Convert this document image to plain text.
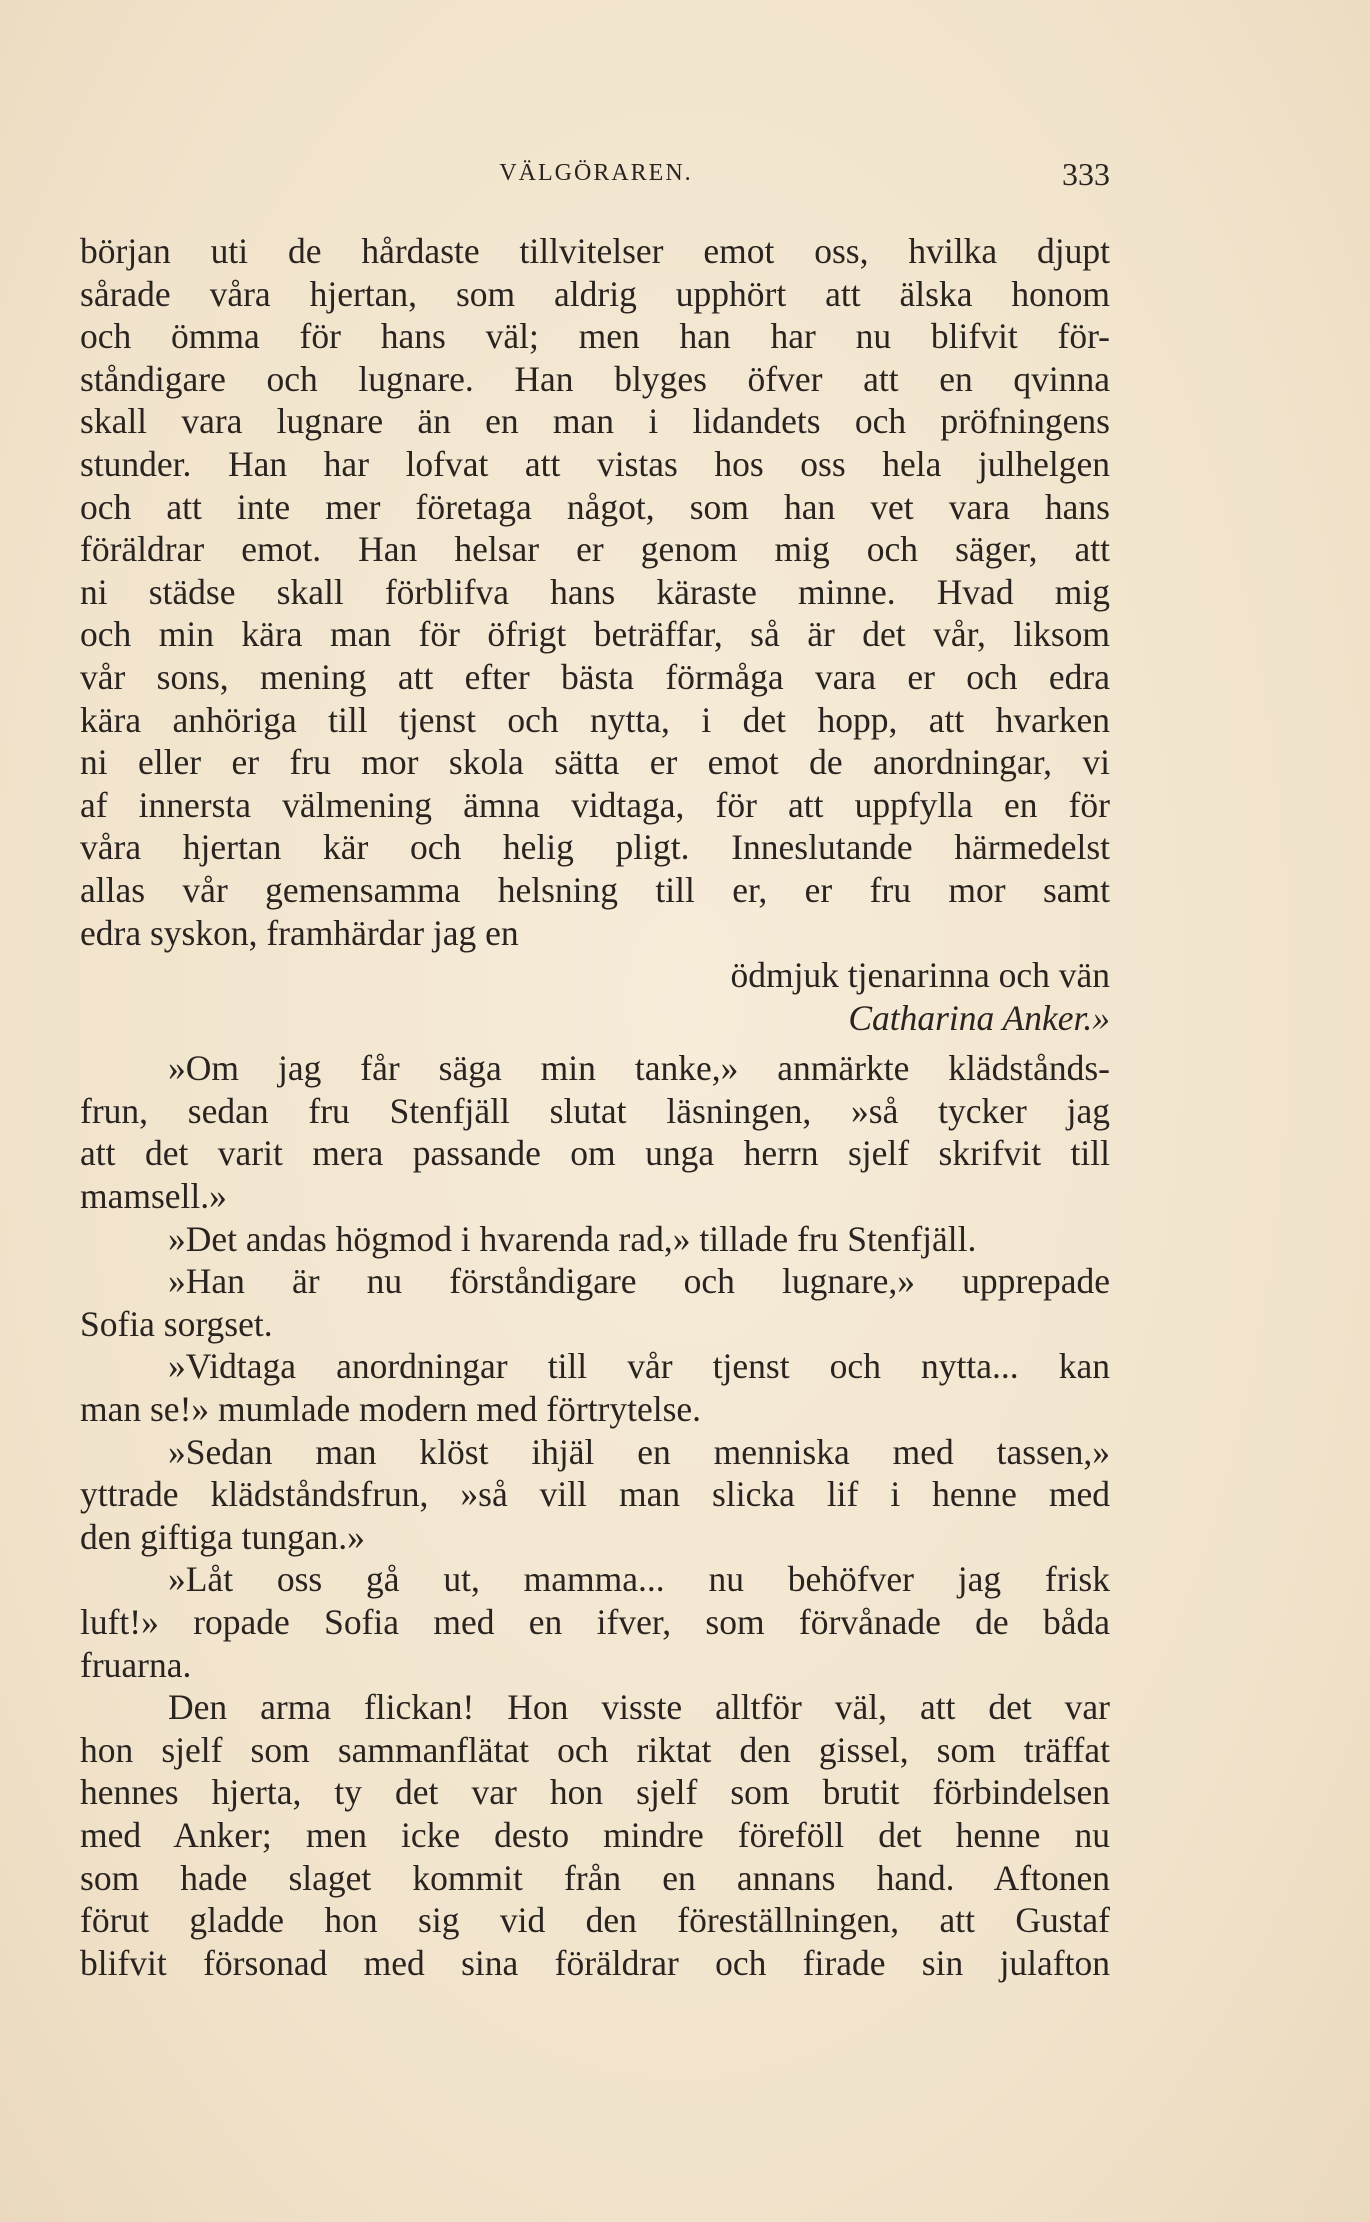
VÄLGÖRAREN.	333
början uti de hårdaste tillvitelser emot oss, hvilka djupt
sårade våra hjertan, som aldrig upphört att älska honom
och ömma för hans väl; men han har nu blifvit för-
ståndigare och lugnare. Han blyges öfver att en qvinna
skall vara lugnare än en man i lidandets och pröfningens
stunder. Han har lofvat att vistas hos oss hela julhelgen
och att inte mer företaga något, som han vet vara hans
föräldrar emot. Han helsar er genom mig och säger, att
ni städse skall förblifva hans käraste minne. Hvad mig
och min kära man för öfrigt beträffar, så är det vår, liksom
vår sons, mening att efter bästa förmåga vara er och edra
kära anhöriga till tjenst och nytta, i det hopp, att hvarken
ni eller er fru mor skola sätta er emot de anordningar, vi
af innersta välmening ämna vidtaga, för att uppfylla en för
våra hjertan kär och helig pligt. Inneslutande härmedelst
allas vår gemensamma helsning till er, er fru mor samt
edra syskon, framhärdar jag en
ödmjuk tjenarinna och vän
Catharina Anker.»
»Om jag får säga min tanke,» anmärkte klädstånds-
frun, sedan fru Stenfjäll slutat läsningen, »så tycker jag
att det varit mera passande om unga herrn sjelf skrifvit till
mamsell.»
»Det andas högmod i hvarenda rad,» tillade fru Stenfjäll.
»Han är nu förståndigare och lugnare,» upprepade
Sofia sorgset.
»Vidtaga anordningar till vår tjenst och nytta... kan
man se!» mumlade modern med förtrytelse.
»Sedan man klöst ihjäl en menniska med tassen,»
yttrade klädståndsfrun, »så vill man slicka lif i henne med
den giftiga tungan.»
»Låt oss gå ut, mamma... nu behöfver jag frisk
luft!» ropade Sofia med en ifver, som förvånade de båda
fruarna.
Den arma flickan! Hon visste alltför väl, att det var
hon sjelf som sammanflätat och riktat den gissel, som träffat
hennes hjerta, ty det var hon sjelf som brutit förbindelsen
med Anker; men icke desto mindre föreföll det henne nu
som hade slaget kommit från en annans hand. Aftonen
förut gladde hon sig vid den föreställningen, att Gustaf
blifvit försonad med sina föräldrar och firade sin julafton
